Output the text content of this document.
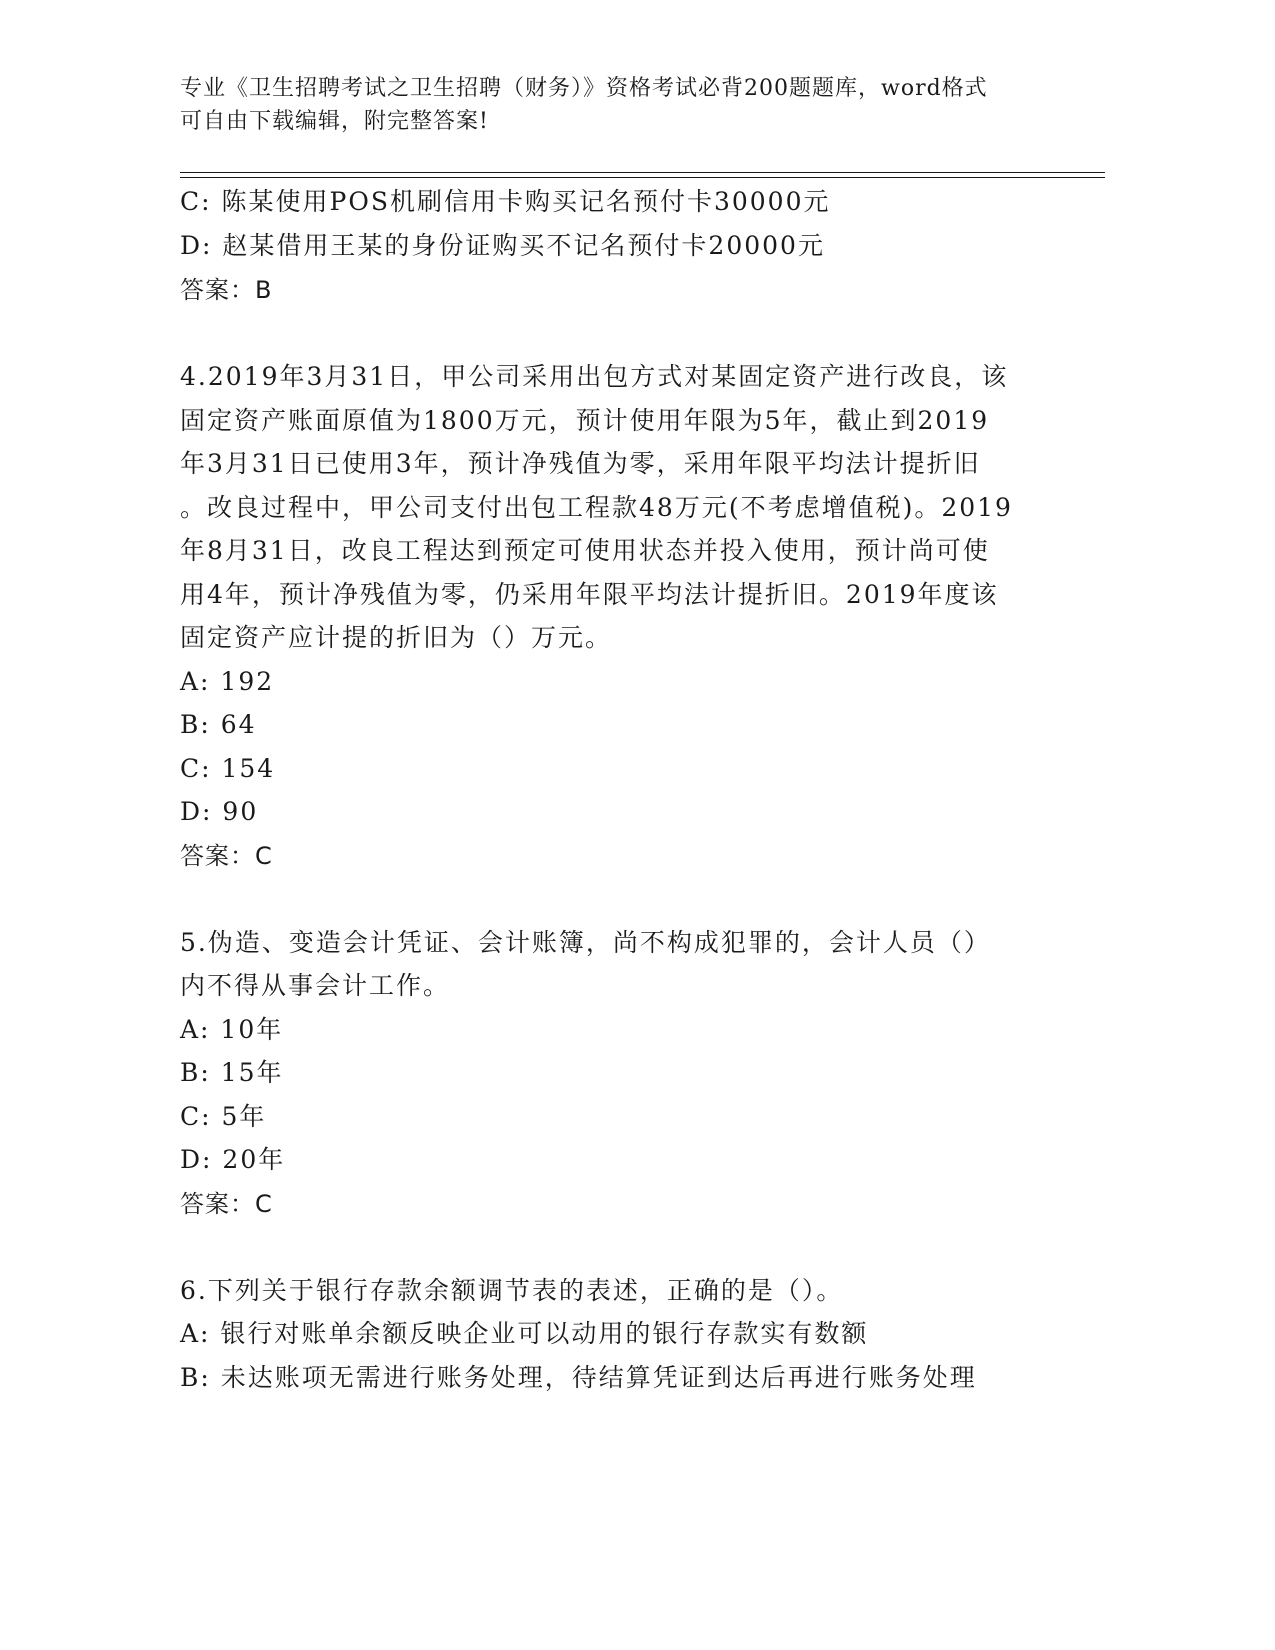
专业《卫生招聘考试之卫生招聘（财务）》资格考试必背200题题库，word格式
可自由下载编辑，附完整答案!
C: 陈某使用POS机刷信用卡购买记名预付卡30000元
D: 赵某借用王某的身份证购买不记名预付卡20000元
答案：B
4.2019年3月31日，甲公司采用出包方式对某固定资产进行改良，该
固定资产账面原值为1800万元，预计使用年限为5年，截止到2019
年3月31日已使用3年，预计净残值为零，采用年限平均法计提折旧
。改良过程中，甲公司支付出包工程款48万元(不考虑增值税)。2019
年8月31日，改良工程达到预定可使用状态并投入使用，预计尚可使
用4年，预计净残值为零，仍采用年限平均法计提折旧。2019年度该
固定资产应计提的折旧为（）万元。
A: 192
B: 64
C: 154
D: 90
答案：C
5.伪造、变造会计凭证、会计账簿，尚不构成犯罪的，会计人员（）
内不得从事会计工作。
A: 10年
B: 15年
C: 5年
D: 20年
答案：C
6.下列关于银行存款余额调节表的表述，正确的是（）。
A: 银行对账单余额反映企业可以动用的银行存款实有数额
B: 未达账项无需进行账务处理，待结算凭证到达后再进行账务处理
